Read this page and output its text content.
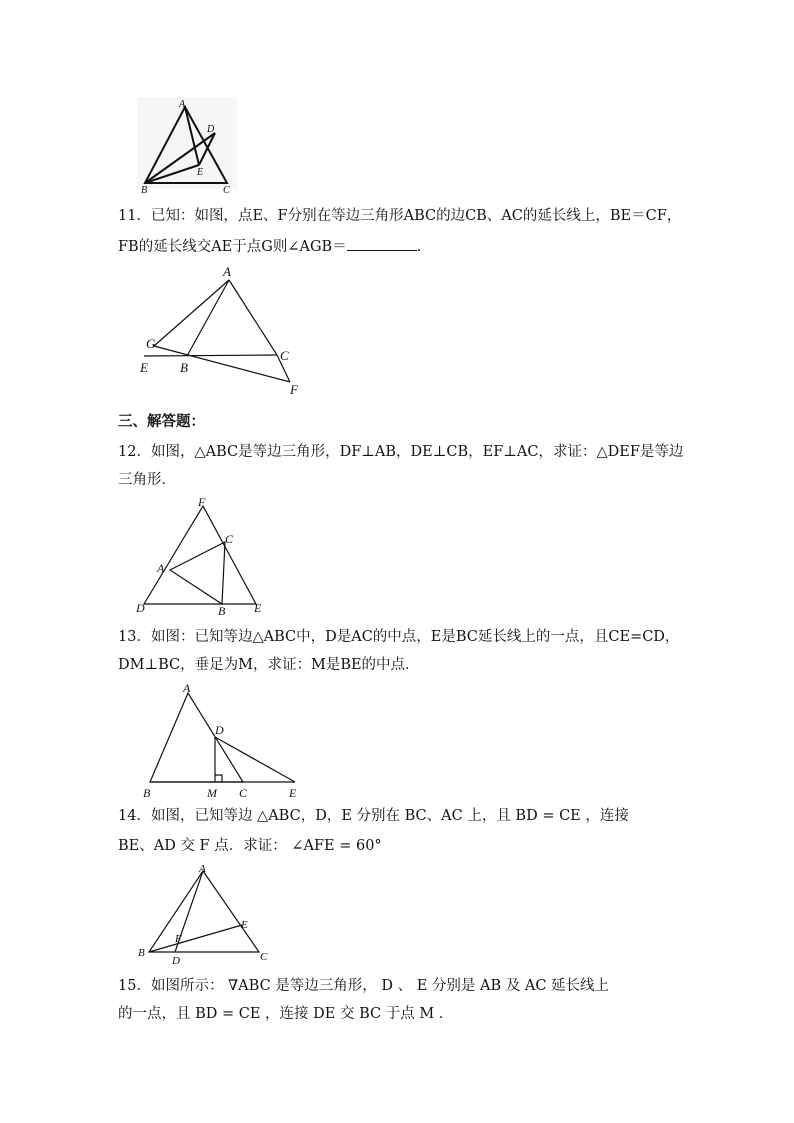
A
D
E
B	C
11．已知：如图，点E、F分别在等边三角形ABC的边CB、AC的延长线上，BE＝CF，
FB的延长线交AE于点G则∠AGB＝	．
A
G
C
E B
F
三、解答题：
12．如图，△ABC是等边三角形，DF⊥AB，DE⊥CB，EF⊥AC，求证：△DEF是等边
三角形．
F
C
A
D	B E
13．如图：已知等边△ABC中，D是AC的中点，E是BC延长线上的一点，且CE=CD，
DM⊥BC，垂足为M，求证：M是BE的中点．
A
D
B	M C	E
14．如图，已知等边 △ABC，D，E 分别在 BC、AC 上，且 BD = CE ，连接
BE、AD 交 F 点．求证： ∠AFE = 60°
A
E
F
B
D	C
15．如图所示： ∇ABC 是等边三角形， D 、 E 分别是 AB 及 AC 延长线上
的一点，且 BD = CE ，连接 DE 交 BC 于点 M ．
